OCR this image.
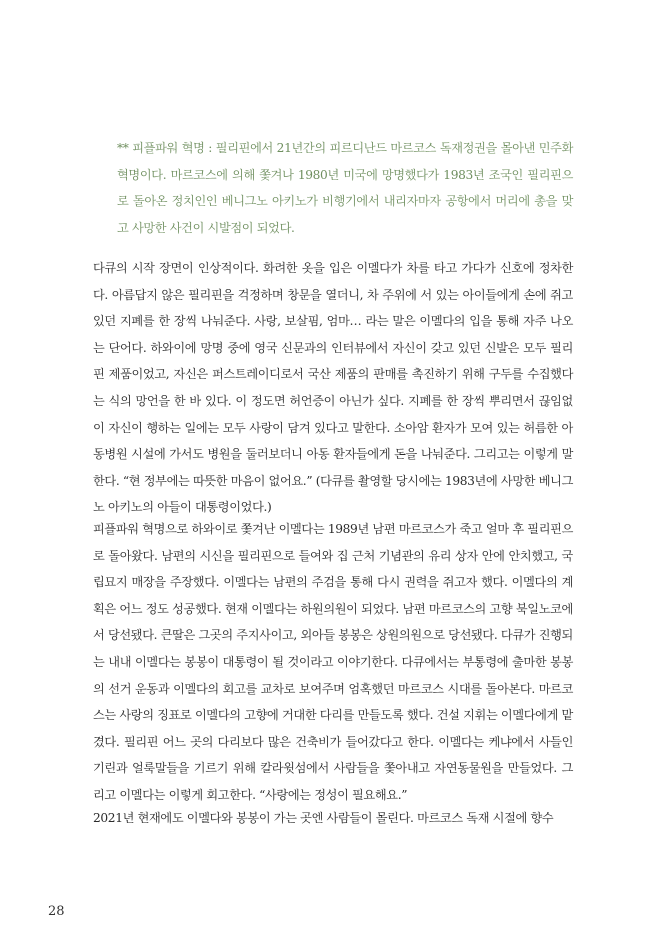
** 피플파워 혁명 : 필리핀에서 21년간의 피르디난드 마르코스 독재정권을 몰아낸 민주화 혁명이다. 마르코스에 의해 쫓겨나 1980년 미국에 망명했다가 1983년 조국인 필리핀으로 돌아온 정치인인 베니그노 아키노가 비행기에서 내리자마자 공항에서 머리에 총을 맞고 사망한 사건이 시발점이 되었다.

다큐의 시작 장면이 인상적이다. 화려한 옷을 입은 이멜다가 차를 타고 가다가 신호에 정차한다. 아름답지 않은 필리핀을 걱정하며 창문을 열더니, 차 주위에 서 있는 아이들에게 손에 쥐고 있던 지폐를 한 장씩 나눠준다. 사랑, 보살핌, 엄마… 라는 말은 이멜다의 입을 통해 자주 나오는 단어다. 하와이에 망명 중에 영국 신문과의 인터뷰에서 자신이 갖고 있던 신발은 모두 필리핀 제품이었고, 자신은 퍼스트레이디로서 국산 제품의 판매를 촉진하기 위해 구두를 수집했다는 식의 망언을 한 바 있다. 이 정도면 허언증이 아닌가 싶다. 지폐를 한 장씩 뿌리면서 끊임없이 자신이 행하는 일에는 모두 사랑이 담겨 있다고 말한다. 소아암 환자가 모여 있는 허름한 아동병원 시설에 가서도 병원을 둘러보더니 아동 환자들에게 돈을 나눠준다. 그리고는 이렇게 말한다. “현 정부에는 따뜻한 마음이 없어요.” (다큐를 촬영할 당시에는 1983년에 사망한 베니그노 아키노의 아들이 대통령이었다.)

피플파워 혁명으로 하와이로 쫓겨난 이멜다는 1989년 남편 마르코스가 죽고 얼마 후 필리핀으로 돌아왔다. 남편의 시신을 필리핀으로 들여와 집 근처 기념관의 유리 상자 안에 안치했고, 국립묘지 매장을 주장했다. 이멜다는 남편의 주검을 통해 다시 권력을 쥐고자 했다. 이멜다의 계획은 어느 정도 성공했다. 현재 이멜다는 하원의원이 되었다. 남편 마르코스의 고향 북일노코에서 당선됐다. 큰딸은 그곳의 주지사이고, 외아들 봉봉은 상원의원으로 당선됐다. 다큐가 진행되는 내내 이멜다는 봉봉이 대통령이 될 것이라고 이야기한다. 다큐에서는 부통령에 출마한 봉봉의 선거 운동과 이멜다의 회고를 교차로 보여주며 엄혹했던 마르코스 시대를 돌아본다. 마르코스는 사랑의 징표로 이멜다의 고향에 거대한 다리를 만들도록 했다. 건설 지휘는 이멜다에게 맡겼다. 필리핀 어느 곳의 다리보다 많은 건축비가 들어갔다고 한다. 이멜다는 케냐에서 사들인 기린과 얼룩말들을 기르기 위해 칼라윗섬에서 사람들을 쫓아내고 자연동물원을 만들었다. 그리고 이멜다는 이렇게 회고한다. “사랑에는 정성이 필요해요.”

2021년 현재에도 이멜다와 봉봉이 가는 곳엔 사람들이 몰린다. 마르코스 독재 시절에 향수

28
